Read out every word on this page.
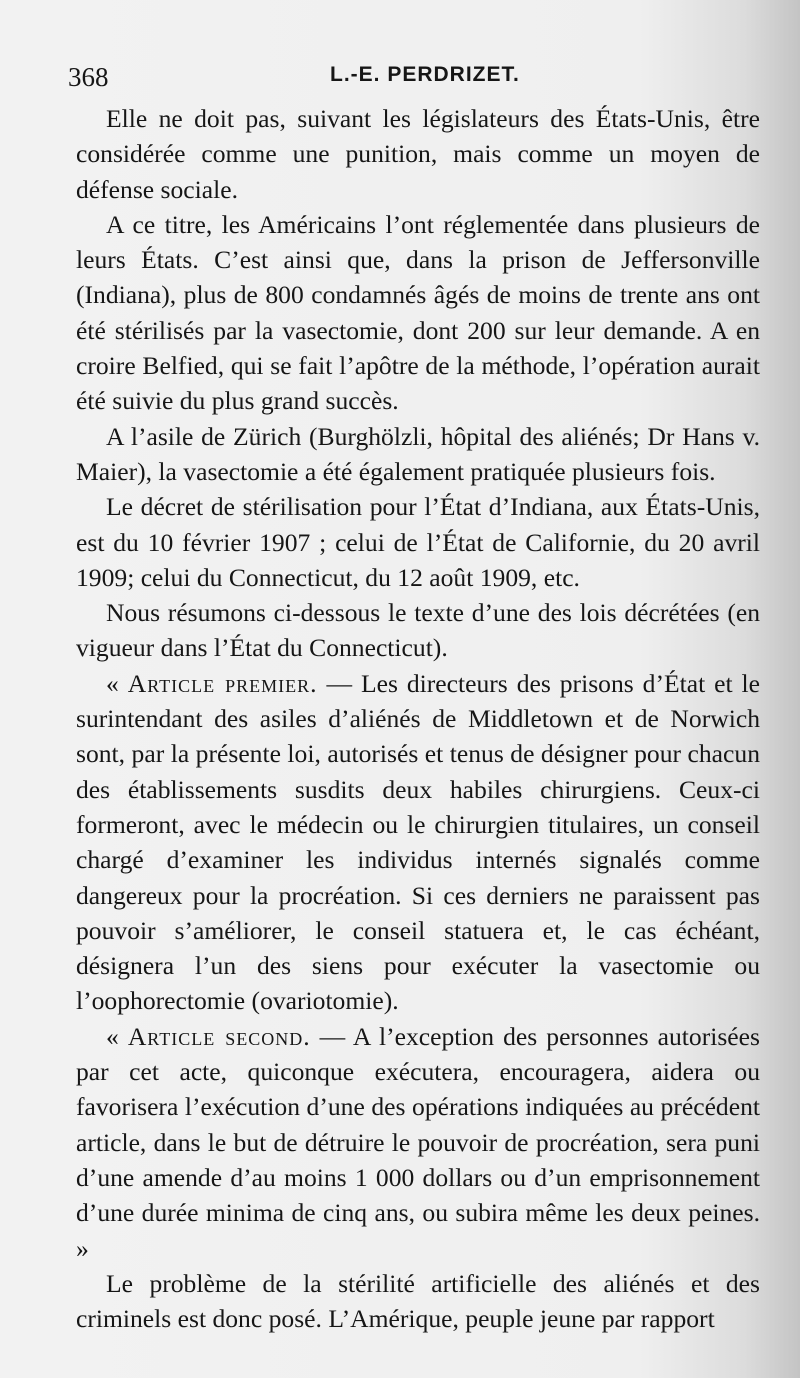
368	L.-E. PERDRIZET.

Elle ne doit pas, suivant les législateurs des États-Unis, être considérée comme une punition, mais comme un moyen de défense sociale.

A ce titre, les Américains l’ont réglementée dans plusieurs de leurs États. C’est ainsi que, dans la prison de Jeffersonville (Indiana), plus de 800 condamnés âgés de moins de trente ans ont été stérilisés par la vasectomie, dont 200 sur leur demande. A en croire Belfied, qui se fait l’apôtre de la méthode, l’opération aurait été suivie du plus grand succès.

A l’asile de Zürich (Burghölzli, hôpital des aliénés; Dr Hans v. Maier), la vasectomie a été également pratiquée plusieurs fois.

Le décret de stérilisation pour l’État d’Indiana, aux États-Unis, est du 10 février 1907 ; celui de l’État de Californie, du 20 avril 1909; celui du Connecticut, du 12 août 1909, etc.

Nous résumons ci-dessous le texte d’une des lois décrétées (en vigueur dans l’État du Connecticut).

« Article premier. — Les directeurs des prisons d’État et le surintendant des asiles d’aliénés de Middletown et de Norwich sont, par la présente loi, autorisés et tenus de désigner pour chacun des établissements susdits deux habiles chirurgiens. Ceux-ci formeront, avec le médecin ou le chirurgien titulaires, un conseil chargé d’examiner les individus internés signalés comme dangereux pour la procréation. Si ces derniers ne paraissent pas pouvoir s’améliorer, le conseil statuera et, le cas échéant, désignera l’un des siens pour exécuter la vasectomie ou l’oophorectomie (ovariotomie).

« Article second. — A l’exception des personnes autorisées par cet acte, quiconque exécutera, encouragera, aidera ou favorisera l’exécution d’une des opérations indiquées au précédent article, dans le but de détruire le pouvoir de procréation, sera puni d’une amende d’au moins 1 000 dollars ou d’un emprisonnement d’une durée minima de cinq ans, ou subira même les deux peines. »

Le problème de la stérilité artificielle des aliénés et des criminels est donc posé. L’Amérique, peuple jeune par rapport
